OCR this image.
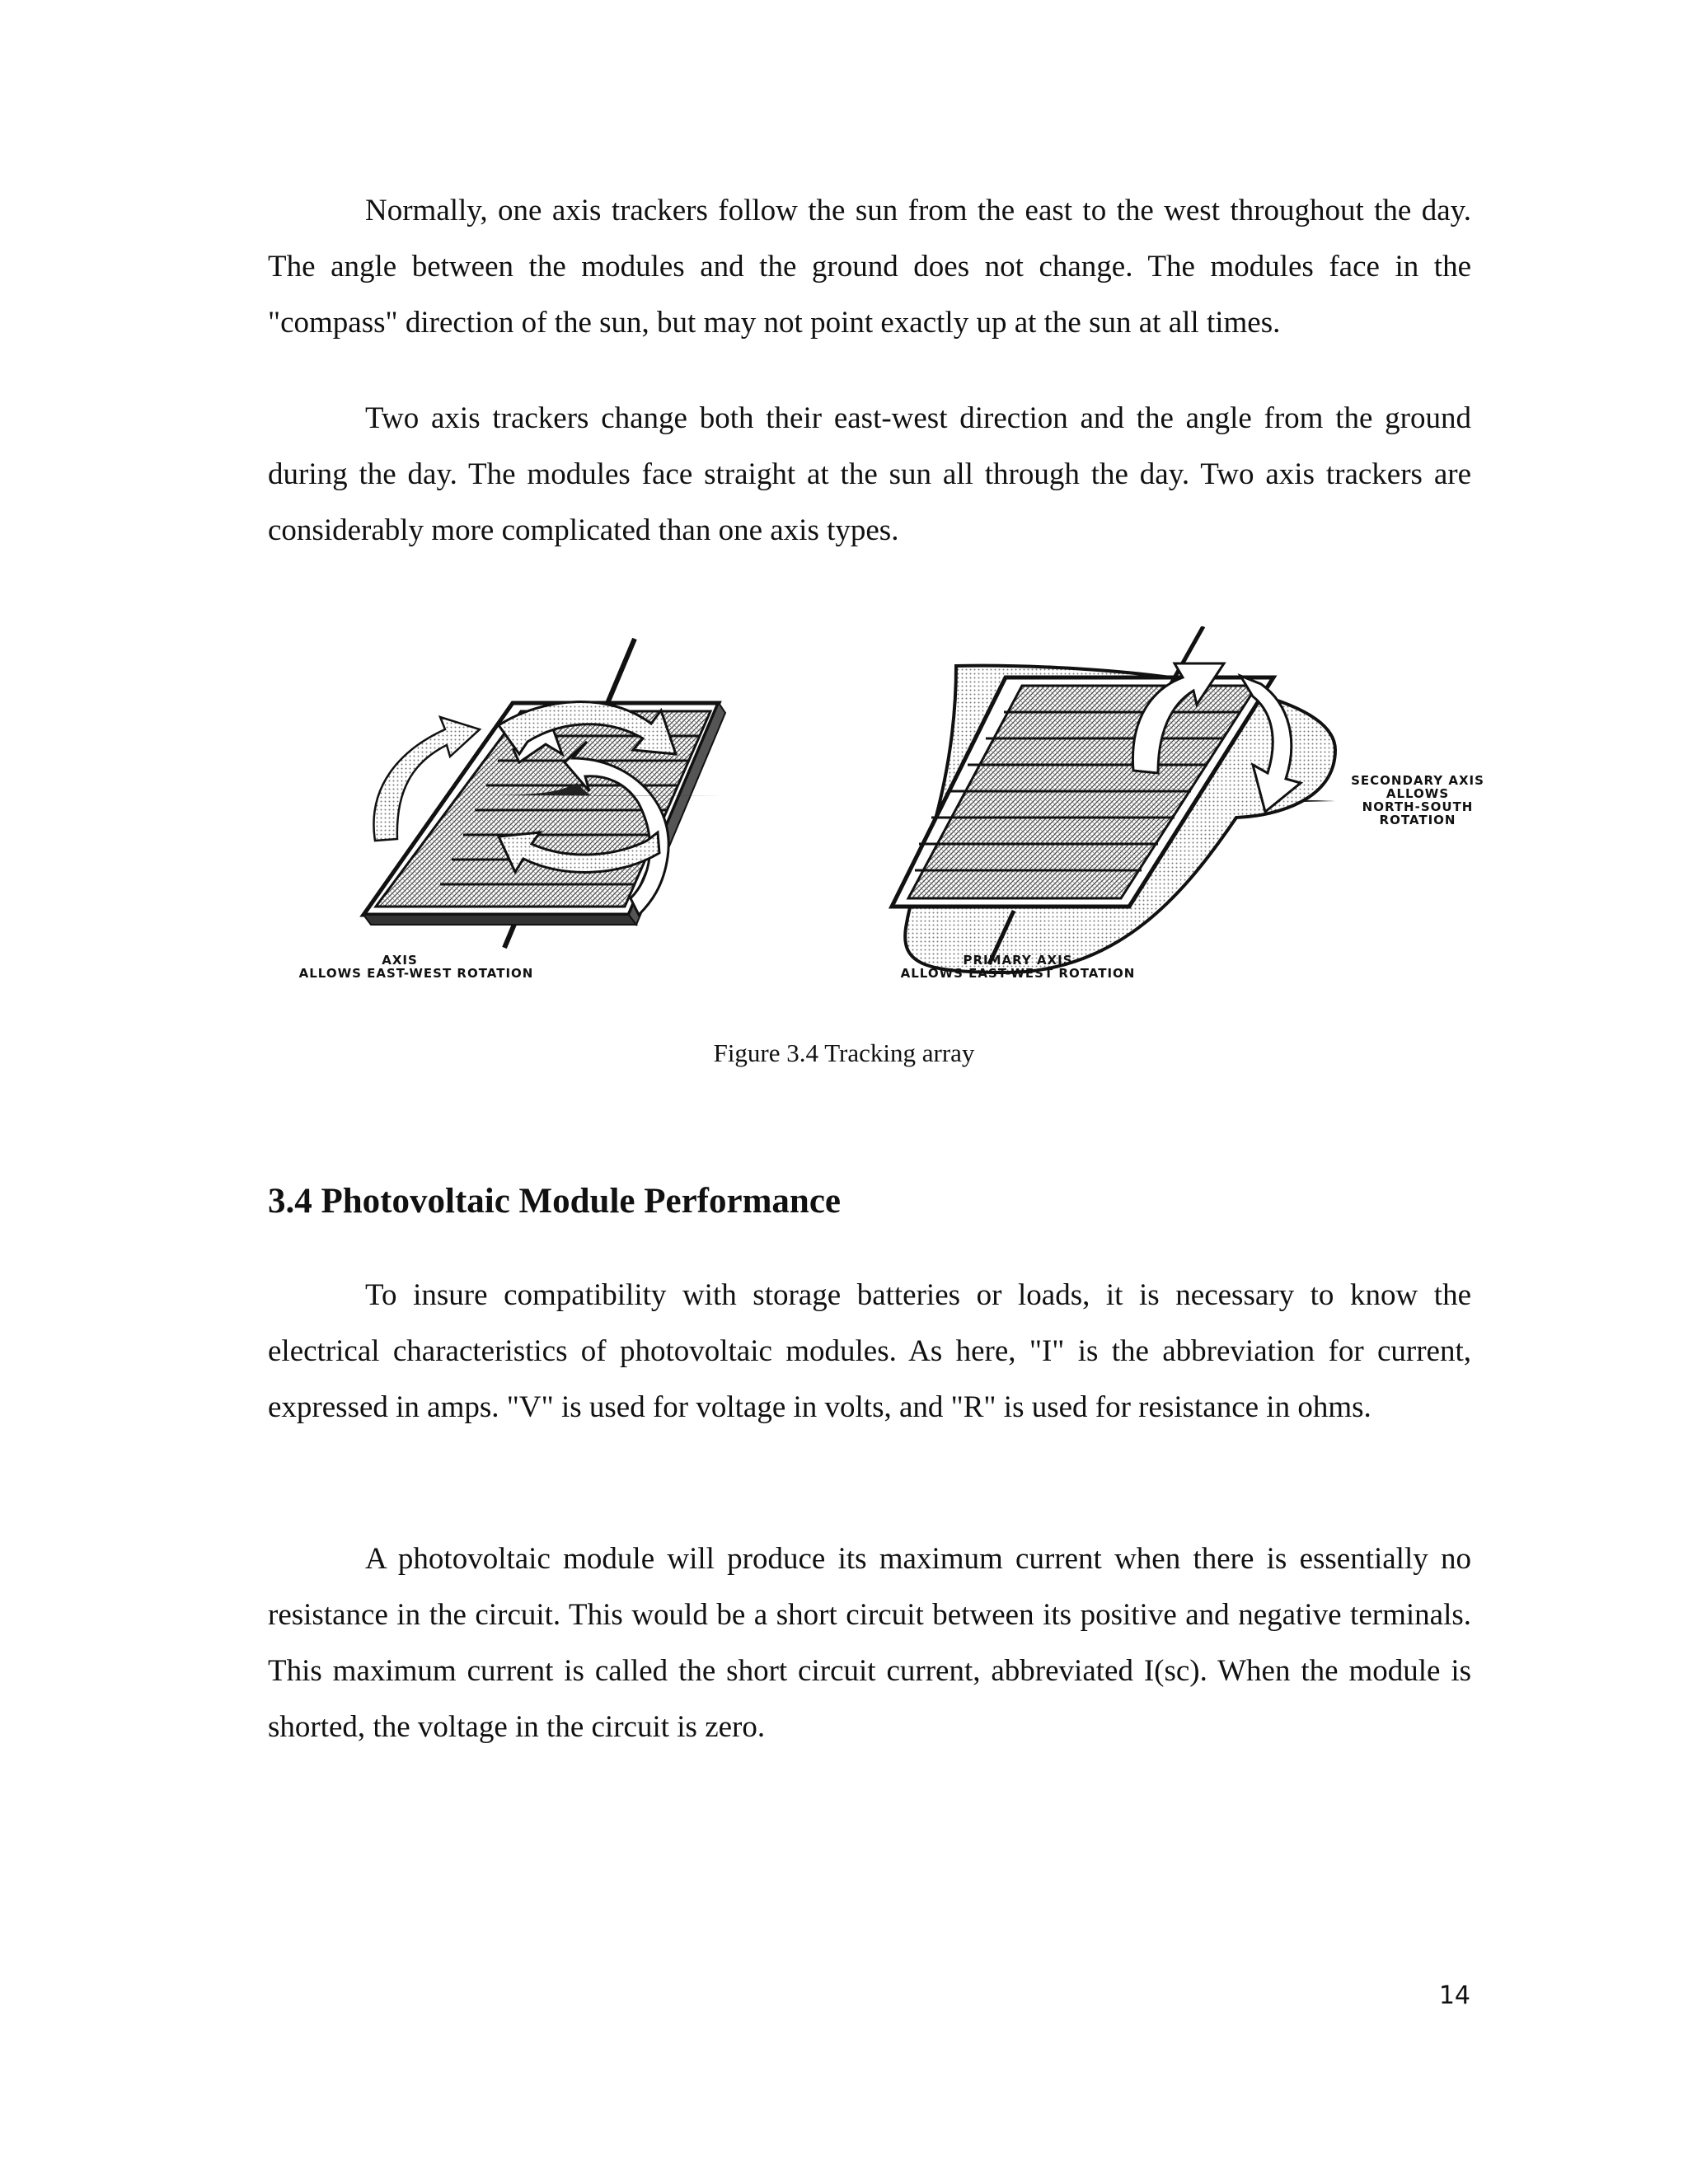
Normally, one axis trackers follow the sun from the east to the west throughout the day. The angle between the modules and the ground does not change. The modules face in the "compass" direction of the sun, but may not point exactly up at the sun at all times.

Two axis trackers change both their east-west direction and the angle from the ground during the day. The modules face straight at the sun all through the day. Two axis trackers are considerably more complicated than one axis types.

AXIS
ALLOWS EAST-WEST ROTATION
PRIMARY AXIS
ALLOWS EAST-WEST ROTATION
SECONDARY AXIS
ALLOWS
NORTH-SOUTH
ROTATION

Figure 3.4 Tracking array

3.4 Photovoltaic Module Performance

To insure compatibility with storage batteries or loads, it is necessary to know the electrical characteristics of photovoltaic modules. As here, "I" is the abbreviation for current, expressed in amps. "V" is used for voltage in volts, and "R" is used for resistance in ohms.

A photovoltaic module will produce its maximum current when there is essentially no resistance in the circuit. This would be a short circuit between its positive and negative terminals. This maximum current is called the short circuit current, abbreviated I(sc). When the module is shorted, the voltage in the circuit is zero.

14
